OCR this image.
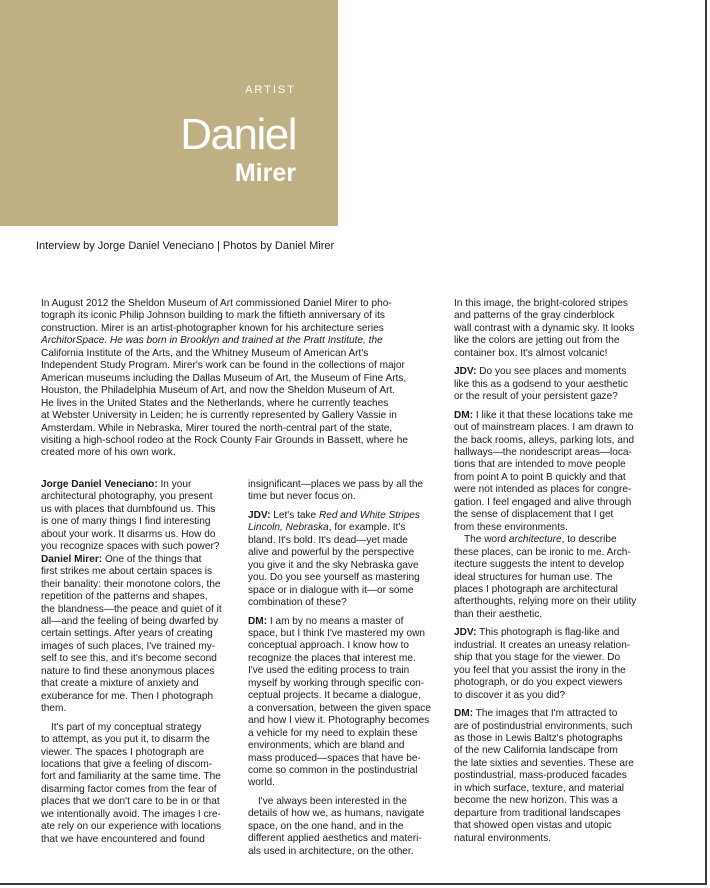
ARTIST
Daniel
Mirer
Interview by Jorge Daniel Veneciano | Photos by Daniel Mirer
In August 2012 the Sheldon Museum of Art commissioned Daniel Mirer to pho-
tograph its iconic Philip Johnson building to mark the fiftieth anniversary of its
construction. Mirer is an artist-photographer known for his architecture series
ArchitorSpace. He was born in Brooklyn and trained at the Pratt Institute, the
California Institute of the Arts, and the Whitney Museum of American Art's
Independent Study Program. Mirer's work can be found in the collections of major
American museums including the Dallas Museum of Art, the Museum of Fine Arts,
Houston, the Philadelphia Museum of Art, and now the Sheldon Museum of Art.
He lives in the United States and the Netherlands, where he currently teaches
at Webster University in Leiden; he is currently represented by Gallery Vassie in
Amsterdam. While in Nebraska, Mirer toured the north-central part of the state,
visiting a high-school rodeo at the Rock County Fair Grounds in Bassett, where he
created more of his own work.
Jorge Daniel Veneciano: In your
architectural photography, you present
us with places that dumbfound us. This
is one of many things I find interesting
about your work. It disarms us. How do
you recognize spaces with such power?
Daniel Mirer: One of the things that
first strikes me about certain spaces is
their banality: their monotone colors, the
repetition of the patterns and shapes,
the blandness—the peace and quiet of it
all—and the feeling of being dwarfed by
certain settings. After years of creating
images of such places, I've trained my-
self to see this, and it's become second
nature to find these anonymous places
that create a mixture of anxiety and
exuberance for me. Then I photograph
them.
It's part of my conceptual strategy
to attempt, as you put it, to disarm the
viewer. The spaces I photograph are
locations that give a feeling of discom-
fort and familiarity at the same time. The
disarming factor comes from the fear of
places that we don't care to be in or that
we intentionally avoid. The images I cre-
ate rely on our experience with locations
that we have encountered and found
insignificant—places we pass by all the
time but never focus on.
JDV: Let's take Red and White Stripes
Lincoln, Nebraska, for example. It's
bland. It's bold. It's dead—yet made
alive and powerful by the perspective
you give it and the sky Nebraska gave
you. Do you see yourself as mastering
space or in dialogue with it—or some
combination of these?
DM: I am by no means a master of
space, but I think I've mastered my own
conceptual approach. I know how to
recognize the places that interest me.
I've used the editing process to train
myself by working through specific con-
ceptual projects. It became a dialogue,
a conversation, between the given space
and how I view it. Photography becomes
a vehicle for my need to explain these
environments, which are bland and
mass produced—spaces that have be-
come so common in the postindustrial
world.
I've always been interested in the
details of how we, as humans, navigate
space, on the one hand, and in the
different applied aesthetics and materi-
als used in architecture, on the other.
In this image, the bright-colored stripes
and patterns of the gray cinderblock
wall contrast with a dynamic sky. It looks
like the colors are jetting out from the
container box. It's almost volcanic!
JDV: Do you see places and moments
like this as a godsend to your aesthetic
or the result of your persistent gaze?
DM: I like it that these locations take me
out of mainstream places. I am drawn to
the back rooms, alleys, parking lots, and
hallways—the nondescript areas—loca-
tions that are intended to move people
from point A to point B quickly and that
were not intended as places for congre-
gation. I feel engaged and alive through
the sense of displacement that I get
from these environments.
The word architecture, to describe
these places, can be ironic to me. Arch-
itecture suggests the intent to develop
ideal structures for human use. The
places I photograph are architectural
afterthoughts, relying more on their utility
than their aesthetic.
JDV: This photograph is flag-like and
industrial. It creates an uneasy relation-
ship that you stage for the viewer. Do
you feel that you assist the irony in the
photograph, or do you expect viewers
to discover it as you did?
DM: The images that I'm attracted to
are of postindustrial environments, such
as those in Lewis Baltz's photographs
of the new California landscape from
the late sixties and seventies. These are
postindustrial, mass-produced facades
in which surface, texture, and material
become the new horizon. This was a
departure from traditional landscapes
that showed open vistas and utopic
natural environments.
